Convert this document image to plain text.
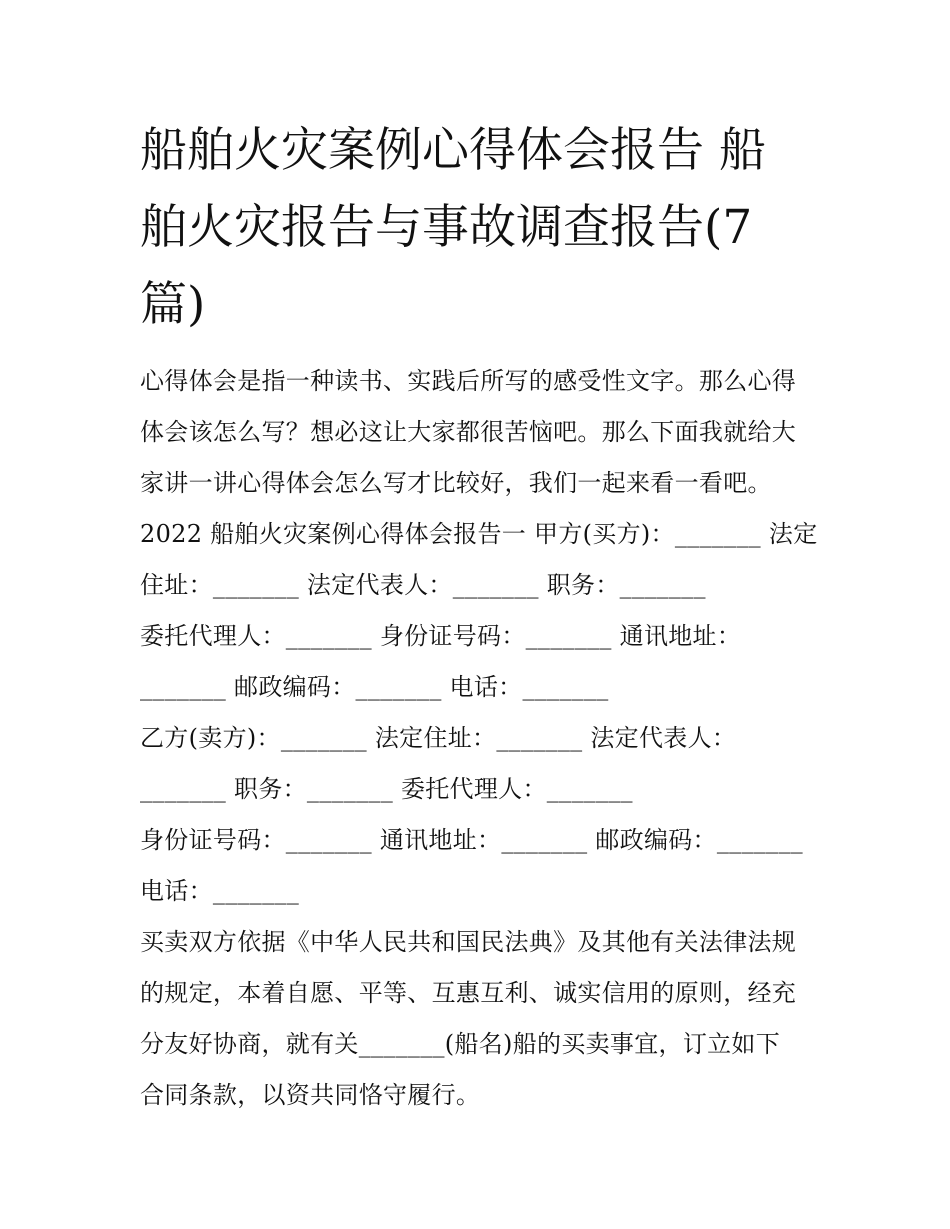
船舶火灾案例心得体会报告 船
舶火灾报告与事故调查报告(7
篇)
心得体会是指一种读书、实践后所写的感受性文字。那么心得
体会该怎么写？想必这让大家都很苦恼吧。那么下面我就给大
家讲一讲心得体会怎么写才比较好，我们一起来看一看吧。
2022 船舶火灾案例心得体会报告一 甲方(买方)：_______ 法定
住址：_______ 法定代表人：_______ 职务：_______
委托代理人：_______ 身份证号码：_______ 通讯地址：
_______ 邮政编码：_______ 电话：_______
乙方(卖方)：_______ 法定住址：_______ 法定代表人：
_______ 职务：_______ 委托代理人：_______
身份证号码：_______ 通讯地址：_______ 邮政编码：_______
电话：_______
买卖双方依据《中华人民共和国民法典》及其他有关法律法规
的规定，本着自愿、平等、互惠互利、诚实信用的原则，经充
分友好协商，就有关_______(船名)船的买卖事宜，订立如下
合同条款，以资共同恪守履行。
